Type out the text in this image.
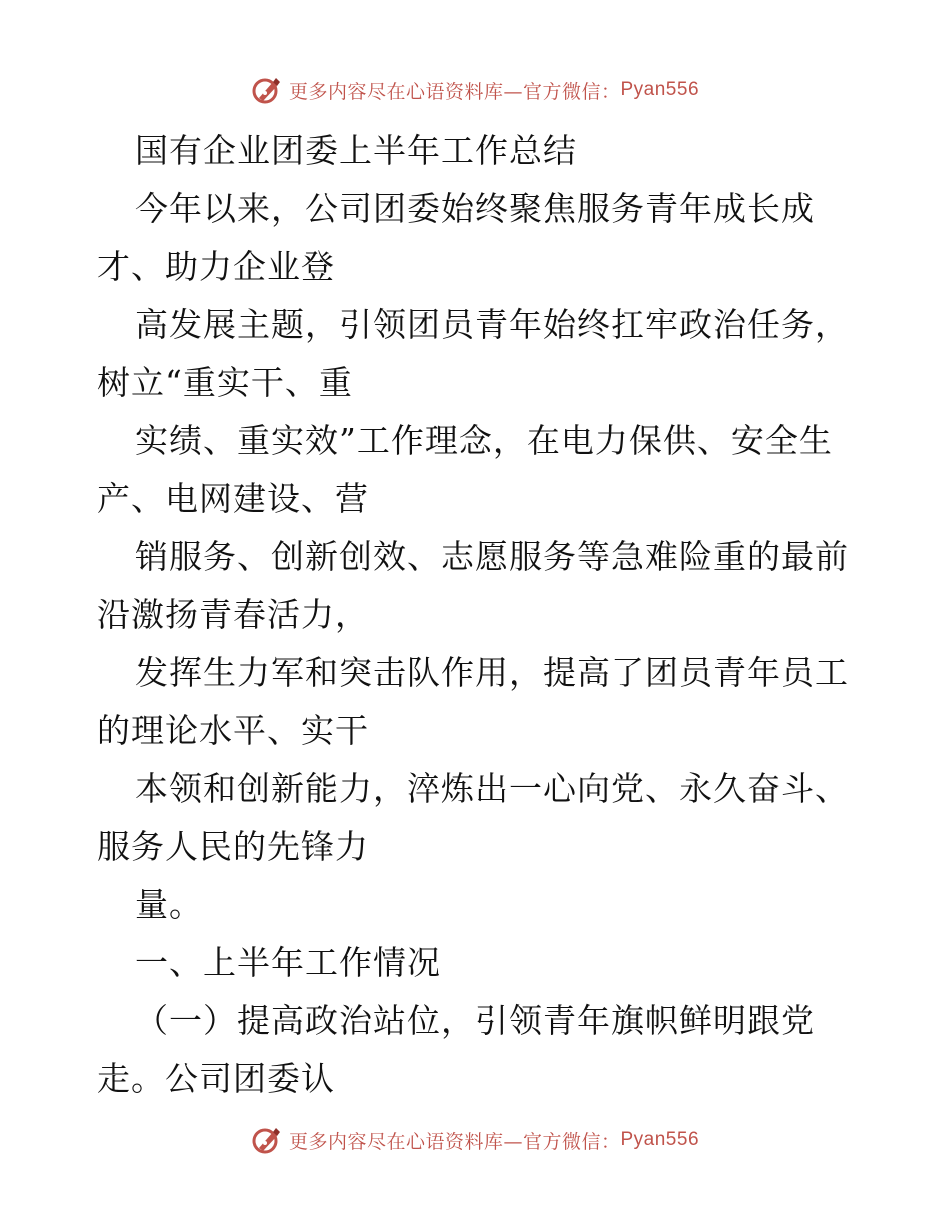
更多内容尽在心语资料库—官方微信： Pyan556
国有企业团委上半年工作总结
今年以来，公司团委始终聚焦服务青年成长成
才、助力企业登
高发展主题，引领团员青年始终扛牢政治任务，
树立“重实干、重
实绩、重实效”工作理念，在电力保供、安全生
产、电网建设、营
销服务、创新创效、志愿服务等急难险重的最前
沿激扬青春活力，
发挥生力军和突击队作用，提高了团员青年员工
的理论水平、实干
本领和创新能力，淬炼出一心向党、永久奋斗、
服务人民的先锋力
量。
一、上半年工作情况
（一）提高政治站位，引领青年旗帜鲜明跟党
走。公司团委认
更多内容尽在心语资料库—官方微信： Pyan556
